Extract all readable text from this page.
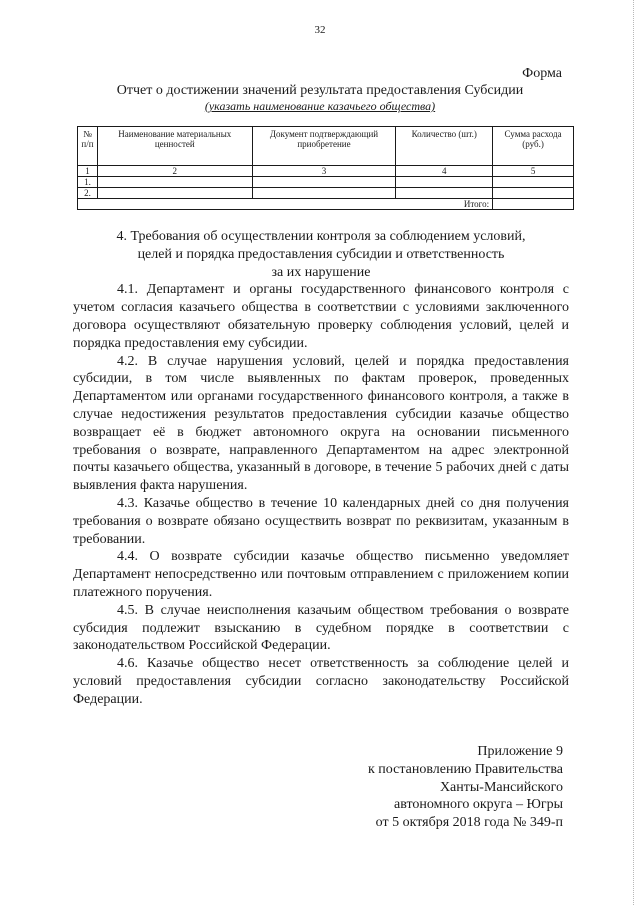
32
Форма
Отчет о достижении значений результата предоставления Субсидии
(указать наименование казачьего общества)
№ п/п	Наименование материальных ценностей	Документ подтверждающий приобретение	Количество (шт.)	Сумма расхода (руб.)
1	2	3	4	5
1.				
2.				
Итого:				

4. Требования об осуществлении контроля за соблюдением условий,
целей и порядка предоставления субсидии и ответственность
за их нарушение

4.1. Департамент и органы государственного финансового контроля с учетом согласия казачьего общества в соответствии с условиями заключенного договора осуществляют обязательную проверку соблюдения условий, целей и порядка предоставления ему субсидии.

4.2. В случае нарушения условий, целей и порядка предоставления субсидии, в том числе выявленных по фактам проверок, проведенных Департаментом или органами государственного финансового контроля, а также в случае недостижения результатов предоставления субсидии казачье общество возвращает её в бюджет автономного округа на основании письменного требования о возврате, направленного Департаментом на адрес электронной почты казачьего общества, указанный в договоре, в течение 5 рабочих дней с даты выявления факта нарушения.

4.3. Казачье общество в течение 10 календарных дней со дня получения требования о возврате обязано осуществить возврат по реквизитам, указанным в требовании.

4.4. О возврате субсидии казачье общество письменно уведомляет Департамент непосредственно или почтовым отправлением с приложением копии платежного поручения.

4.5. В случае неисполнения казачьим обществом требования о возврате субсидия подлежит взысканию в судебном порядке в соответствии с законодательством Российской Федерации.

4.6. Казачье общество несет ответственность за соблюдение целей и условий предоставления субсидии согласно законодательству Российской Федерации.

Приложение 9
к постановлению Правительства
Ханты-Мансийского
автономного округа – Югры
от 5 октября 2018 года № 349-п
